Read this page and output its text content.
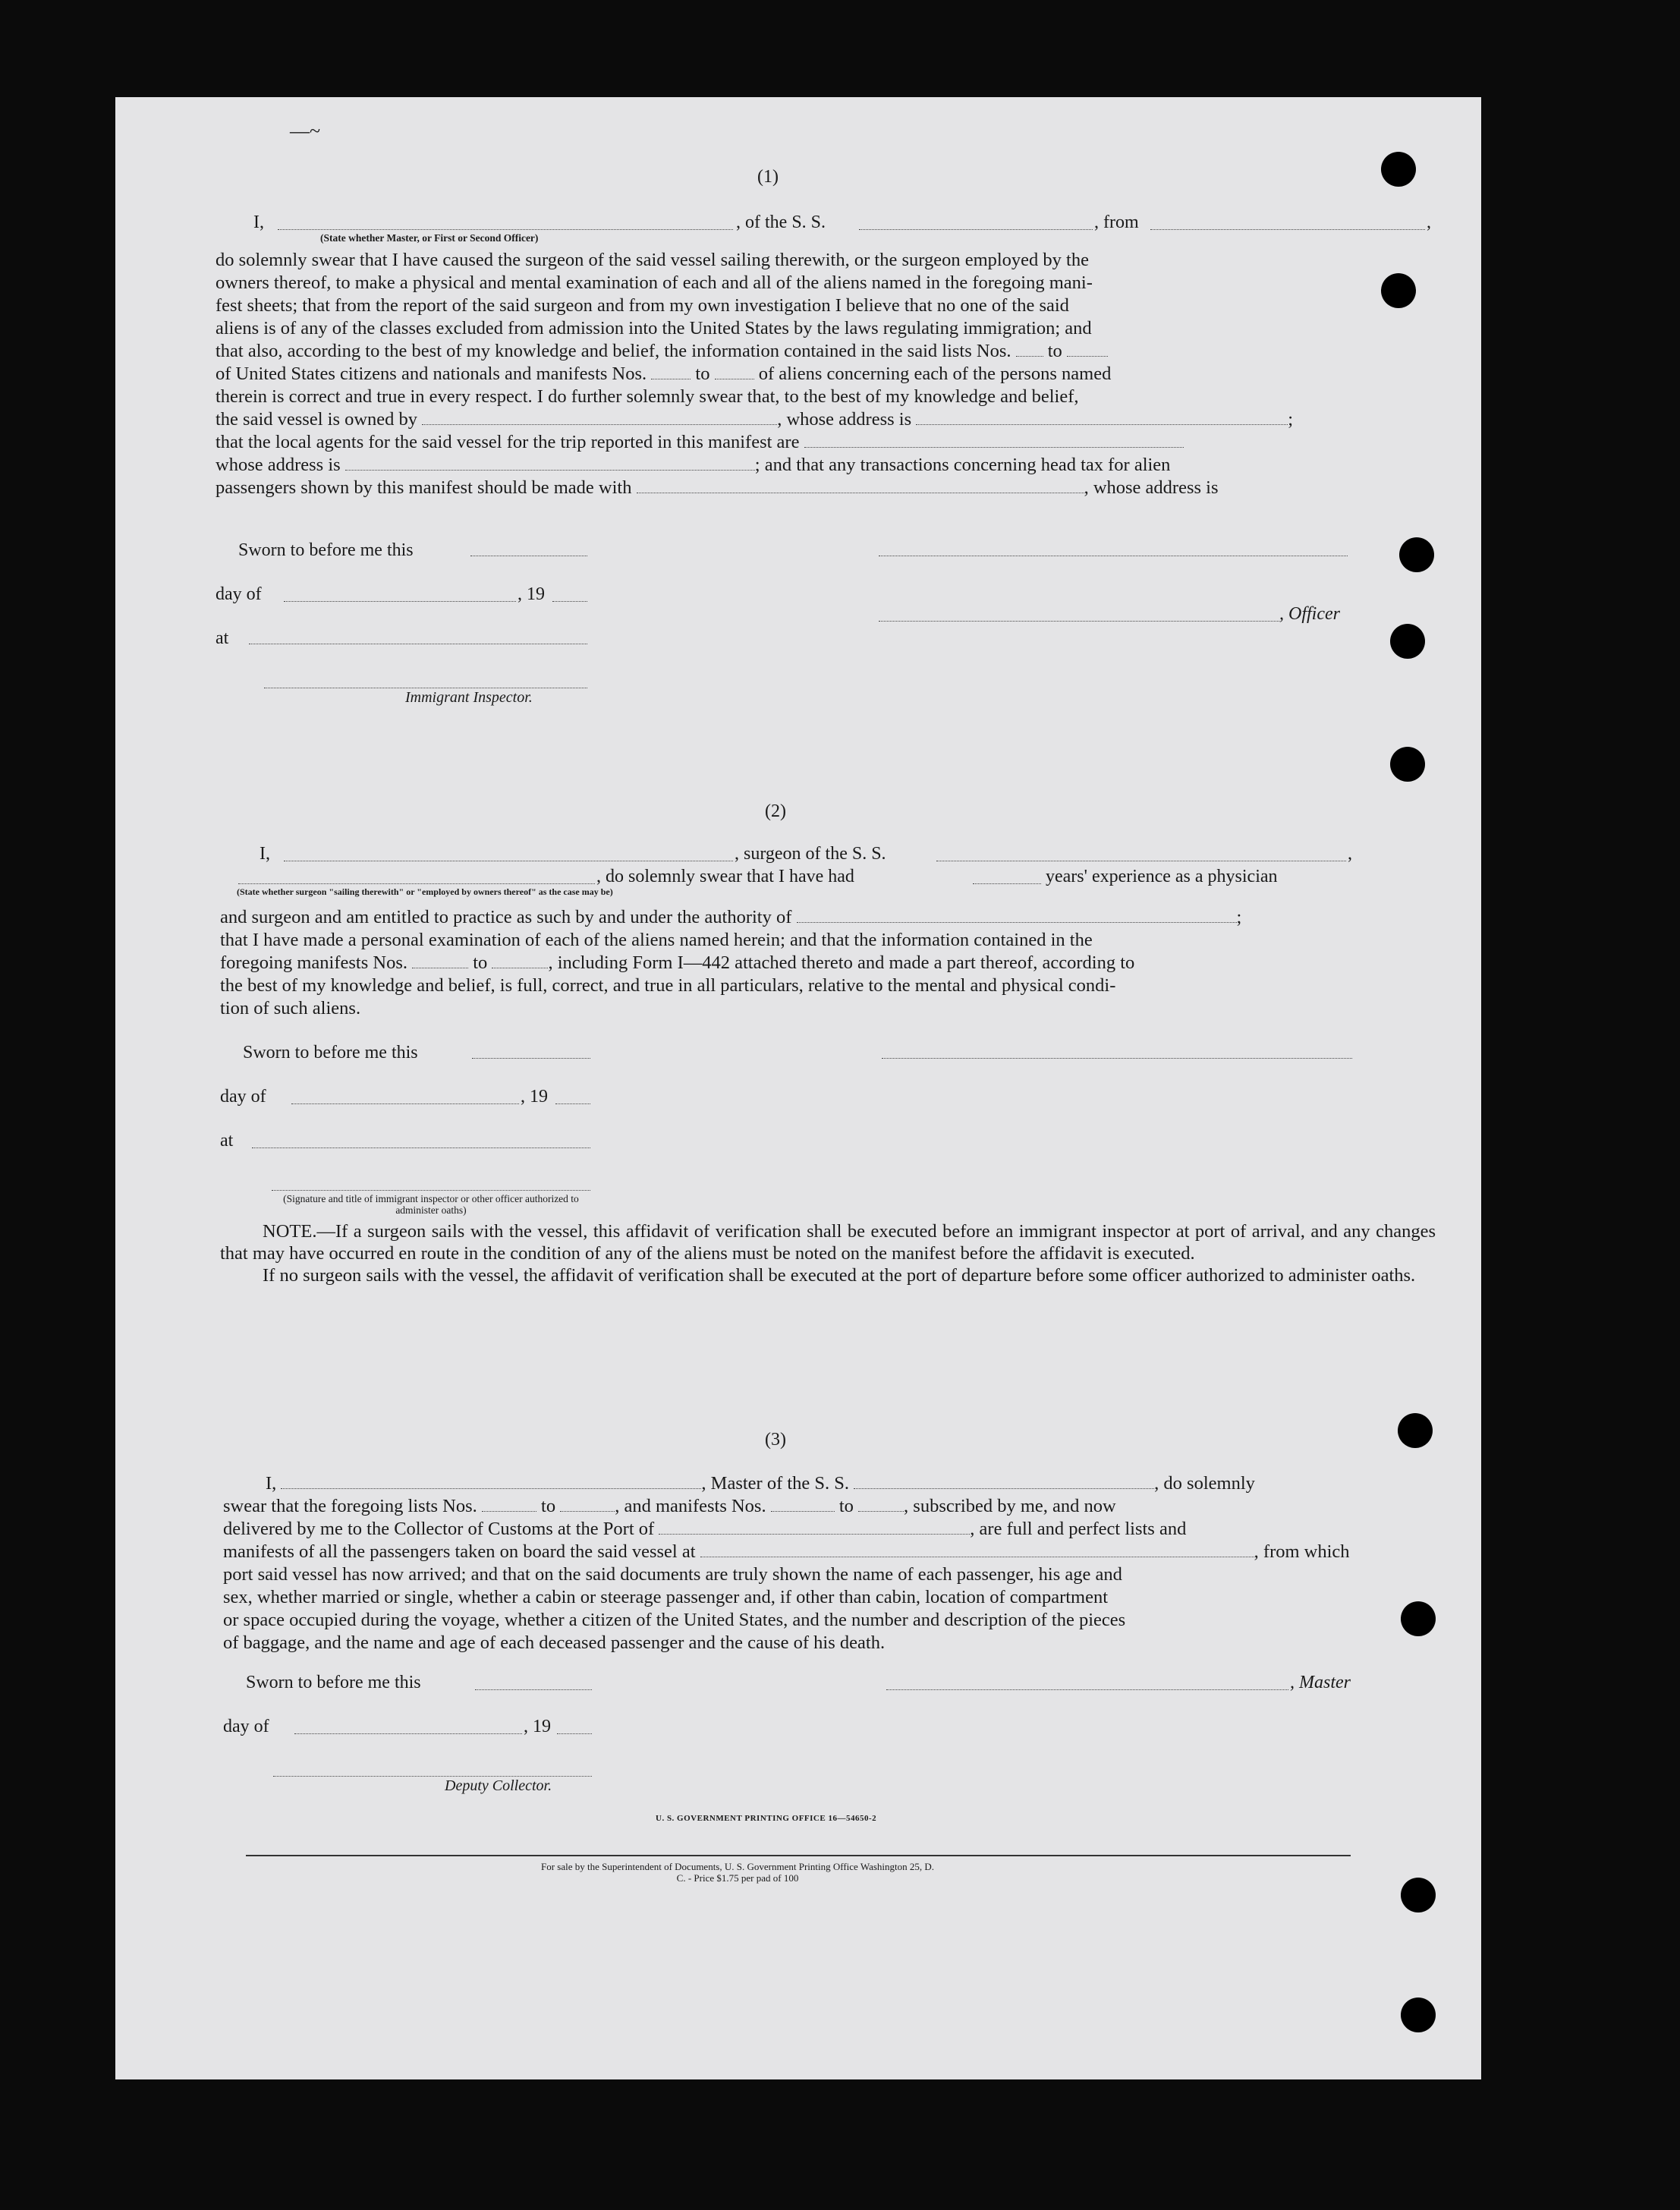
—~
(1)
I,	, of the S. S.	, from	,
(State whether Master, or First or Second Officer)
do solemnly swear that I have caused the surgeon of the said vessel sailing therewith, or the surgeon employed by the
owners thereof, to make a physical and mental examination of each and all of the aliens named in the foregoing mani-
fest sheets; that from the report of the said surgeon and from my own investigation I believe that no one of the said
aliens is of any of the classes excluded from admission into the United States by the laws regulating immigration; and
that also, according to the best of my knowledge and belief, the information contained in the said lists Nos. to
of United States citizens and nationals and manifests Nos.	to	of aliens concerning each of the persons named
therein is correct and true in every respect. I do further solemnly swear that, to the best of my knowledge and belief,
the said vessel is owned by	, whose address is	;
that the local agents for the said vessel for the trip reported in this manifest are
whose address is	; and that any transactions concerning head tax for alien
passengers shown by this manifest should be made with	, whose address is
Sworn to before me this
day of	, 19
at
Immigrant Inspector.
, Officer
(2)
I,	, surgeon of the S. S.	,
, do solemnly swear that I have had	years' experience as a physician
(State whether surgeon "sailing therewith" or "employed by owners thereof" as the case may be)
and surgeon and am entitled to practice as such by and under the authority of	;
that I have made a personal examination of each of the aliens named herein; and that the information contained in the
foregoing manifests Nos.	to	, including Form I—442 attached thereto and made a part thereof, according to
the best of my knowledge and belief, is full, correct, and true in all particulars, relative to the mental and physical condi-
tion of such aliens.
Sworn to before me this
day of	, 19
at
(Signature and title of immigrant inspector or other officer authorized to administer oaths)
NOTE.—If a surgeon sails with the vessel, this affidavit of verification shall be executed before an immigrant inspector at port of arrival, and any changes that may have occurred en route in the condition of any of the aliens must be noted on the manifest before the affidavit is executed.
If no surgeon sails with the vessel, the affidavit of verification shall be executed at the port of departure before some officer authorized to administer oaths.
(3)
I,	, Master of the S. S.	, do solemnly
swear that the foregoing lists Nos.	to	, and manifests Nos.	to	, subscribed by me, and now
delivered by me to the Collector of Customs at the Port of	, are full and perfect lists and
manifests of all the passengers taken on board the said vessel at	, from which
port said vessel has now arrived; and that on the said documents are truly shown the name of each passenger, his age and
sex, whether married or single, whether a cabin or steerage passenger and, if other than cabin, location of compartment
or space occupied during the voyage, whether a citizen of the United States, and the number and description of the pieces
of baggage, and the name and age of each deceased passenger and the cause of his death.
Sworn to before me this
day of	, 19
Deputy Collector.
, Master
U. S. GOVERNMENT PRINTING OFFICE 16—54650-2
For sale by the Superintendent of Documents, U. S. Government Printing Office Washington 25, D. C. - Price $1.75 per pad of 100
